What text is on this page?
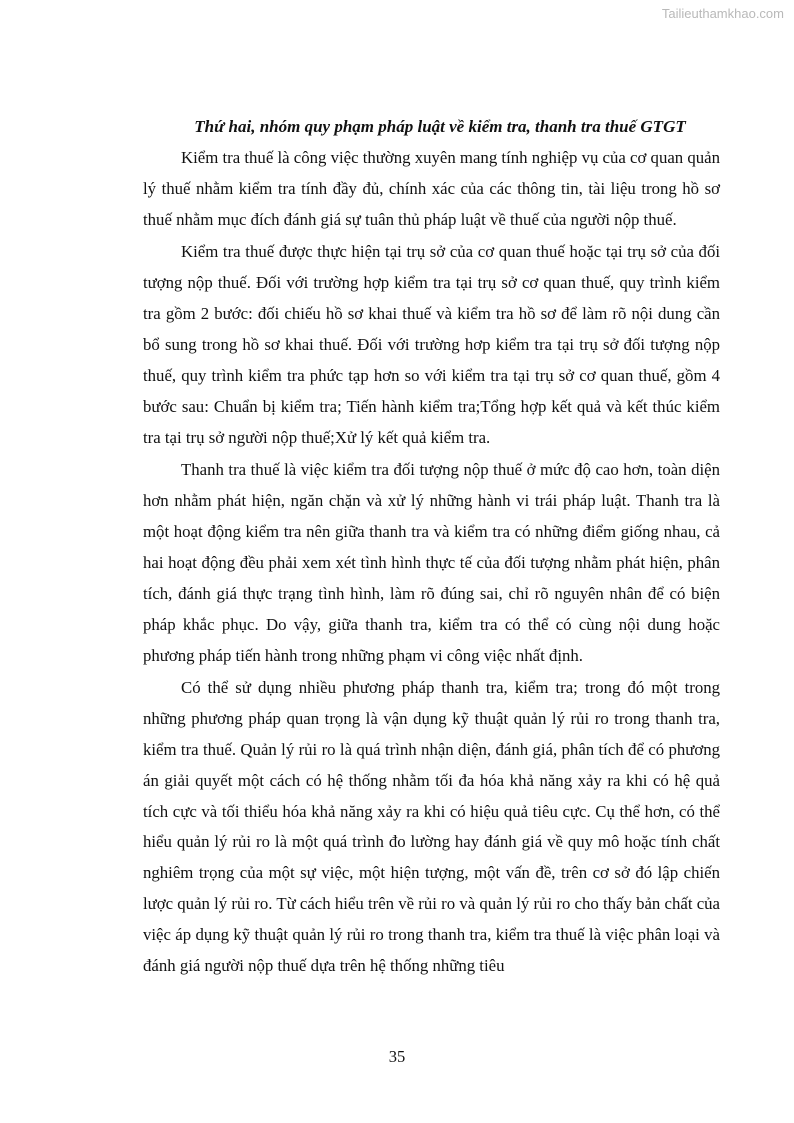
Tailieuthamkhao.com

Thứ hai, nhóm quy phạm pháp luật về kiểm tra, thanh tra thuế GTGT

Kiểm tra thuế là công việc thường xuyên mang tính nghiệp vụ của cơ quan quản lý thuế nhằm kiểm tra tính đầy đủ, chính xác của các thông tin, tài liệu trong hồ sơ thuế nhằm mục đích đánh giá sự tuân thủ pháp luật về thuế của người nộp thuế.

Kiểm tra thuế được thực hiện tại trụ sở của cơ quan thuế hoặc tại trụ sở của đối tượng nộp thuế. Đối với trường hợp kiểm tra tại trụ sở cơ quan thuế, quy trình kiểm tra gồm 2 bước: đối chiếu hồ sơ khai thuế và kiểm tra hồ sơ để làm rõ nội dung cần bổ sung trong hồ sơ khai thuế. Đối với trường hơp kiểm tra tại trụ sở đối tượng nộp thuế, quy trình kiểm tra phức tạp hơn so với kiểm tra tại trụ sở cơ quan thuế, gồm 4 bước sau: Chuẩn bị kiểm tra; Tiến hành kiểm tra;Tổng hợp kết quả và kết thúc kiểm tra tại trụ sở người nộp thuế;Xử lý kết quả kiểm tra.

Thanh tra thuế là việc kiểm tra đối tượng nộp thuế ở mức độ cao hơn, toàn diện hơn nhằm phát hiện, ngăn chặn và xử lý những hành vi trái pháp luật. Thanh tra là một hoạt động kiểm tra nên giữa thanh tra và kiểm tra có những điểm giống nhau, cả hai hoạt động đều phải xem xét tình hình thực tế của đối tượng nhằm phát hiện, phân tích, đánh giá thực trạng tình hình, làm rõ đúng sai, chỉ rõ nguyên nhân để có biện pháp khắc phục. Do vậy, giữa thanh tra, kiểm tra có thể có cùng nội dung hoặc phương pháp tiến hành trong những phạm vi công việc nhất định.

Có thể sử dụng nhiều phương pháp thanh tra, kiểm tra; trong đó một trong những phương pháp quan trọng là vận dụng kỹ thuật quản lý rủi ro trong thanh tra, kiểm tra thuế. Quản lý rủi ro là quá trình nhận diện, đánh giá, phân tích để có phương án giải quyết một cách có hệ thống nhằm tối đa hóa khả năng xảy ra khi có hệ quả tích cực và tối thiểu hóa khả năng xảy ra khi có hiệu quả tiêu cực. Cụ thể hơn, có thể hiểu quản lý rủi ro là một quá trình đo lường hay đánh giá về quy mô hoặc tính chất nghiêm trọng của một sự việc, một hiện tượng, một vấn đề, trên cơ sở đó lập chiến lược quản lý rủi ro. Từ cách hiểu trên về rủi ro và quản lý rủi ro cho thấy bản chất của việc áp dụng kỹ thuật quản lý rủi ro trong thanh tra, kiểm tra thuế là việc phân loại và đánh giá người nộp thuế dựa trên hệ thống những tiêu

35
